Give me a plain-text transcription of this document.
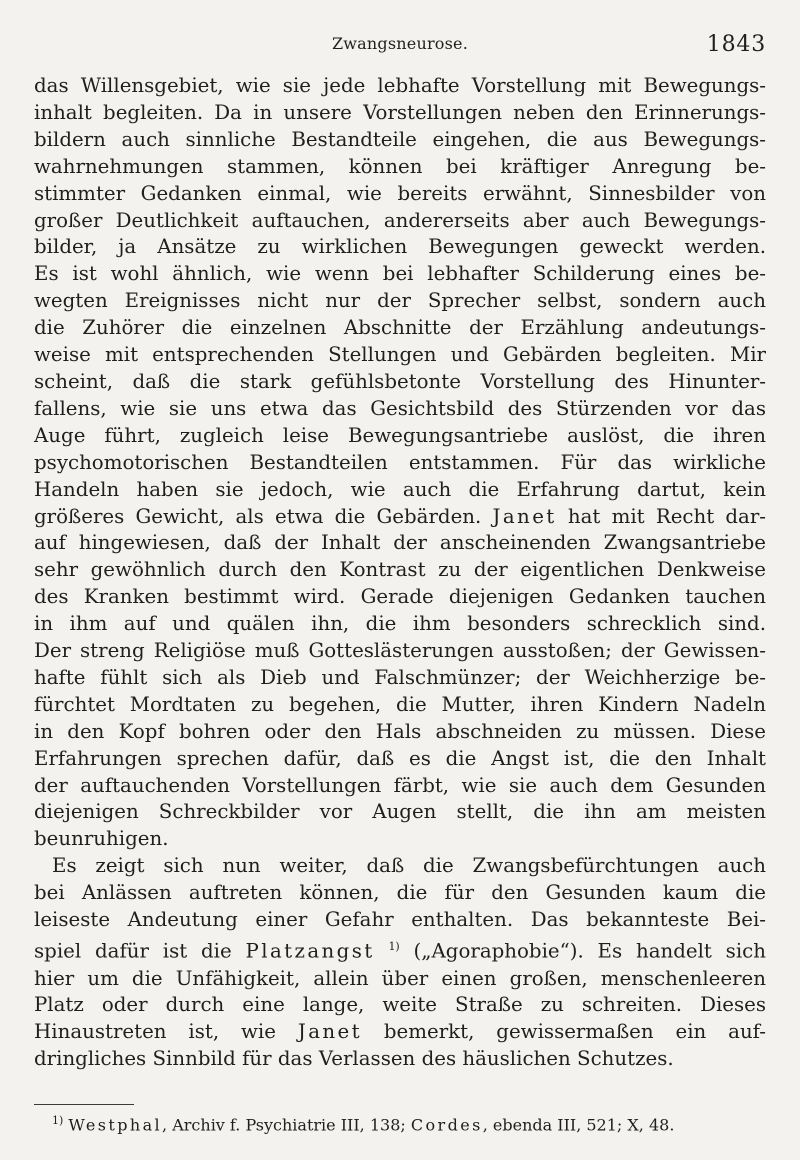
Zwangsneurose.	1843

das Willensgebiet, wie sie jede lebhafte Vorstellung mit Bewegungs-
inhalt begleiten. Da in unsere Vorstellungen neben den Erinnerungs-
bildern auch sinnliche Bestandteile eingehen, die aus Bewegungs-
wahrnehmungen stammen, können bei kräftiger Anregung be-
stimmter Gedanken einmal, wie bereits erwähnt, Sinnesbilder von
großer Deutlichkeit auftauchen, andererseits aber auch Bewegungs-
bilder, ja Ansätze zu wirklichen Bewegungen geweckt werden.
Es ist wohl ähnlich, wie wenn bei lebhafter Schilderung eines be-
wegten Ereignisses nicht nur der Sprecher selbst, sondern auch
die Zuhörer die einzelnen Abschnitte der Erzählung andeutungs-
weise mit entsprechenden Stellungen und Gebärden begleiten. Mir
scheint, daß die stark gefühlsbetonte Vorstellung des Hinunter-
fallens, wie sie uns etwa das Gesichtsbild des Stürzenden vor das
Auge führt, zugleich leise Bewegungsantriebe auslöst, die ihren
psychomotorischen Bestandteilen entstammen. Für das wirkliche
Handeln haben sie jedoch, wie auch die Erfahrung dartut, kein
größeres Gewicht, als etwa die Gebärden. Janet hat mit Recht dar-
auf hingewiesen, daß der Inhalt der anscheinenden Zwangsantriebe
sehr gewöhnlich durch den Kontrast zu der eigentlichen Denkweise
des Kranken bestimmt wird. Gerade diejenigen Gedanken tauchen
in ihm auf und quälen ihn, die ihm besonders schrecklich sind.
Der streng Religiöse muß Gotteslästerungen ausstoßen; der Gewissen-
hafte fühlt sich als Dieb und Falschmünzer; der Weichherzige be-
fürchtet Mordtaten zu begehen, die Mutter, ihren Kindern Nadeln
in den Kopf bohren oder den Hals abschneiden zu müssen. Diese
Erfahrungen sprechen dafür, daß es die Angst ist, die den Inhalt
der auftauchenden Vorstellungen färbt, wie sie auch dem Gesunden
diejenigen Schreckbilder vor Augen stellt, die ihn am meisten
beunruhigen.

Es zeigt sich nun weiter, daß die Zwangsbefürchtungen auch
bei Anlässen auftreten können, die für den Gesunden kaum die
leiseste Andeutung einer Gefahr enthalten. Das bekannteste Bei-
spiel dafür ist die Platzangst $^{1)}$ („Agoraphobie“). Es handelt sich
hier um die Unfähigkeit, allein über einen großen, menschenleeren
Platz oder durch eine lange, weite Straße zu schreiten. Dieses
Hinaustreten ist, wie Janet bemerkt, gewissermaßen ein auf-
dringliches Sinnbild für das Verlassen des häuslichen Schutzes.

$^{1)}$ Westphal, Archiv f. Psychiatrie III, 138; Cordes, ebenda III, 521; X, 48.
